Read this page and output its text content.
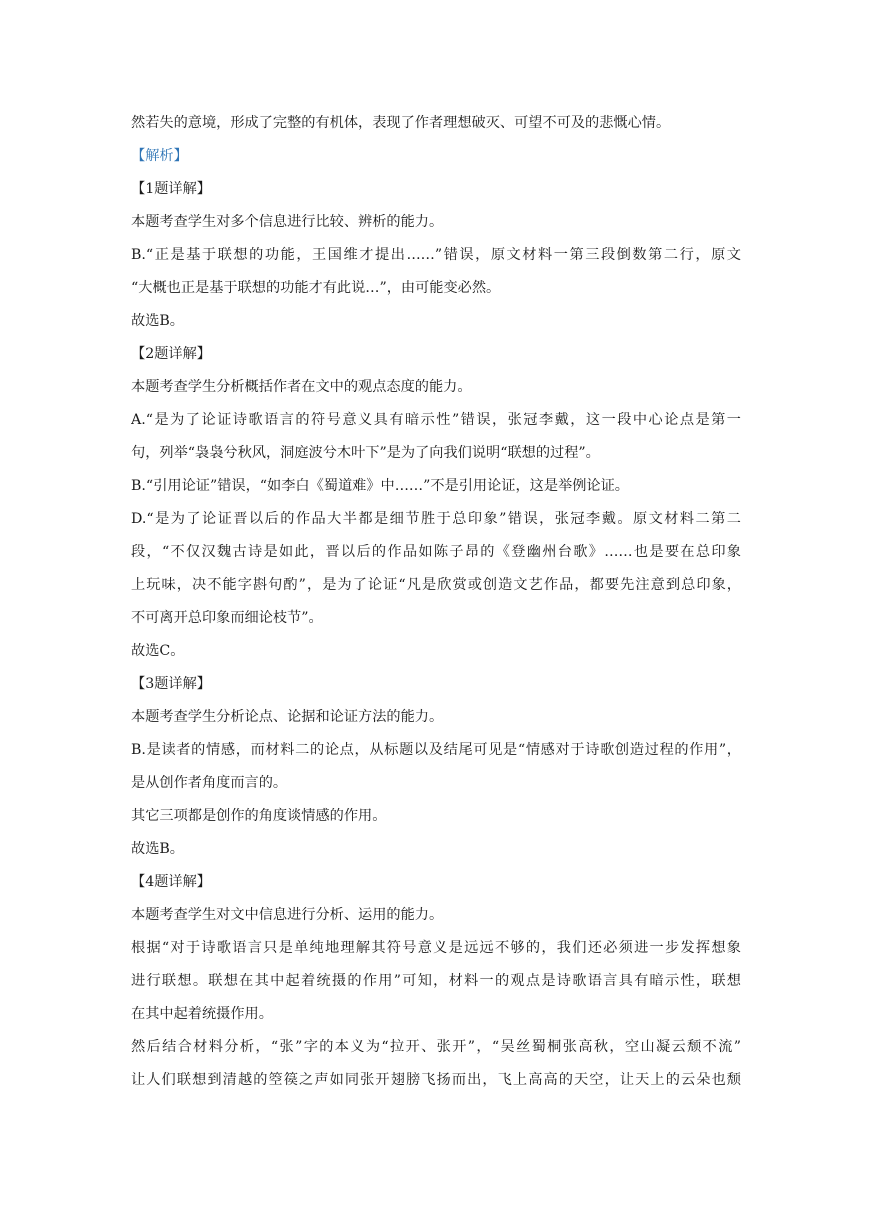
然若失的意境，形成了完整的有机体，表现了作者理想破灭、可望不可及的悲慨心情。
【解析】
【1题详解】
本题考查学生对多个信息进行比较、辨析的能力。
B.“正是基于联想的功能，王国维才提出……”错误，原文材料一第三段倒数第二行，原文
“大概也正是基于联想的功能才有此说…”，由可能变必然。
故选B。
【2题详解】
本题考查学生分析概括作者在文中的观点态度的能力。
A.“是为了论证诗歌语言的符号意义具有暗示性”错误，张冠李戴，这一段中心论点是第一
句，列举“袅袅兮秋风，洞庭波兮木叶下”是为了向我们说明“联想的过程”。
B.“引用论证”错误，“如李白《蜀道难》中……”不是引用论证，这是举例论证。
D.“是为了论证晋以后的作品大半都是细节胜于总印象”错误，张冠李戴。原文材料二第二
段，“不仅汉魏古诗是如此，晋以后的作品如陈子昂的《登幽州台歌》……也是要在总印象
上玩味，决不能字斟句酌”，是为了论证“凡是欣赏或创造文艺作品，都要先注意到总印象，
不可离开总印象而细论枝节”。
故选C。
【3题详解】
本题考查学生分析论点、论据和论证方法的能力。
B.是读者的情感，而材料二的论点，从标题以及结尾可见是“情感对于诗歌创造过程的作用”，
是从创作者角度而言的。
其它三项都是创作的角度谈情感的作用。
故选B。
【4题详解】
本题考查学生对文中信息进行分析、运用的能力。
根据“对于诗歌语言只是单纯地理解其符号意义是远远不够的，我们还必须进一步发挥想象
进行联想。联想在其中起着统摄的作用”可知，材料一的观点是诗歌语言具有暗示性，联想
在其中起着统摄作用。
然后结合材料分析，“张”字的本义为“拉开、张开”，“吴丝蜀桐张高秋，空山凝云颓不流”
让人们联想到清越的箜篌之声如同张开翅膀飞扬而出，飞上高高的天空，让天上的云朵也颓
